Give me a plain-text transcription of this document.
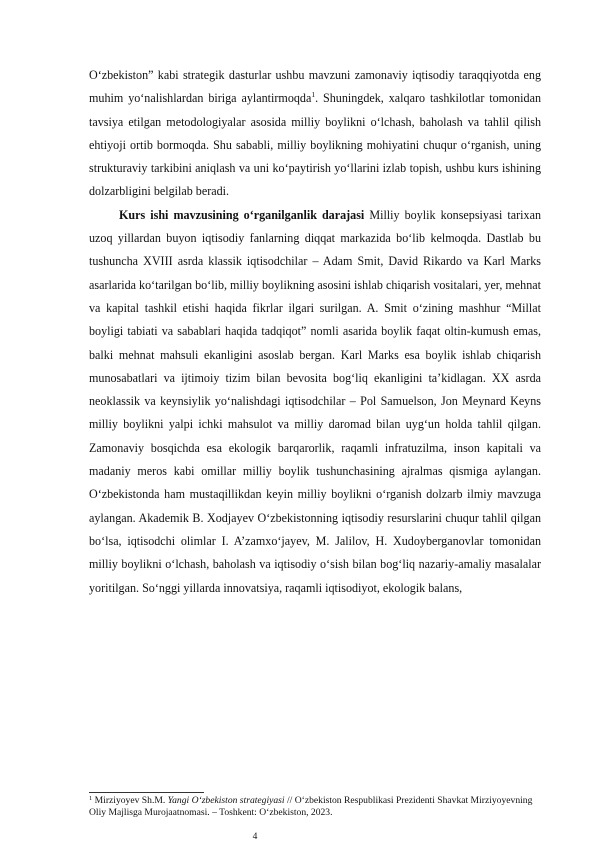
O‘zbekiston” kabi strategik dasturlar ushbu mavzuni zamonaviy iqtisodiy taraqqiyotda eng muhim yo‘nalishlardan biriga aylantirmoqda$^1$. Shuningdek, xalqaro tashkilotlar tomonidan tavsiya etilgan metodologiyalar asosida milliy boylikni o‘lchash, baholash va tahlil qilish ehtiyoji ortib bormoqda. Shu sababli, milliy boylikning mohiyatini chuqur o‘rganish, uning strukturaviy tarkibini aniqlash va uni ko‘paytirish yo‘llarini izlab topish, ushbu kurs ishining dolzarbligini belgilab beradi.

Kurs ishi mavzusining o‘rganilganlik darajasi Milliy boylik konsepsiyasi tarixan uzoq yillardan buyon iqtisodiy fanlarning diqqat markazida bo‘lib kelmoqda. Dastlab bu tushuncha XVIII asrda klassik iqtisodchilar – Adam Smit, David Rikardo va Karl Marks asarlarida ko‘tarilgan bo‘lib, milliy boylikning asosini ishlab chiqarish vositalari, yer, mehnat va kapital tashkil etishi haqida fikrlar ilgari surilgan. A. Smit o‘zining mashhur “Millat boyligi tabiati va sabablari haqida tadqiqot” nomli asarida boylik faqat oltin-kumush emas, balki mehnat mahsuli ekanligini asoslab bergan. Karl Marks esa boylik ishlab chiqarish munosabatlari va ijtimoiy tizim bilan bevosita bog‘liq ekanligini ta’kidlagan. XX asrda neoklassik va keynsiylik yo‘nalishdagi iqtisodchilar – Pol Samuelson, Jon Meynard Keyns milliy boylikni yalpi ichki mahsulot va milliy daromad bilan uyg‘un holda tahlil qilgan. Zamonaviy bosqichda esa ekologik barqarorlik, raqamli infratuzilma, inson kapitali va madaniy meros kabi omillar milliy boylik tushunchasining ajralmas qismiga aylangan. O‘zbekistonda ham mustaqillikdan keyin milliy boylikni o‘rganish dolzarb ilmiy mavzuga aylangan. Akademik B. Xodjayev O‘zbekistonning iqtisodiy resurslarini chuqur tahlil qilgan bo‘lsa, iqtisodchi olimlar I. A’zamxo‘jayev, M. Jalilov, H. Xudoyberganovlar tomonidan milliy boylikni o‘lchash, baholash va iqtisodiy o‘sish bilan bog‘liq nazariy-amaliy masalalar yoritilgan. So‘nggi yillarda innovatsiya, raqamli iqtisodiyot, ekologik balans,

$^1$ Mirziyoyev Sh.M. Yangi O‘zbekiston strategiyasi // O‘zbekiston Respublikasi Prezidenti Shavkat Mirziyoyevning Oliy Majlisga Murojaatnomasi. – Toshkent: O‘zbekiston, 2023.
4
